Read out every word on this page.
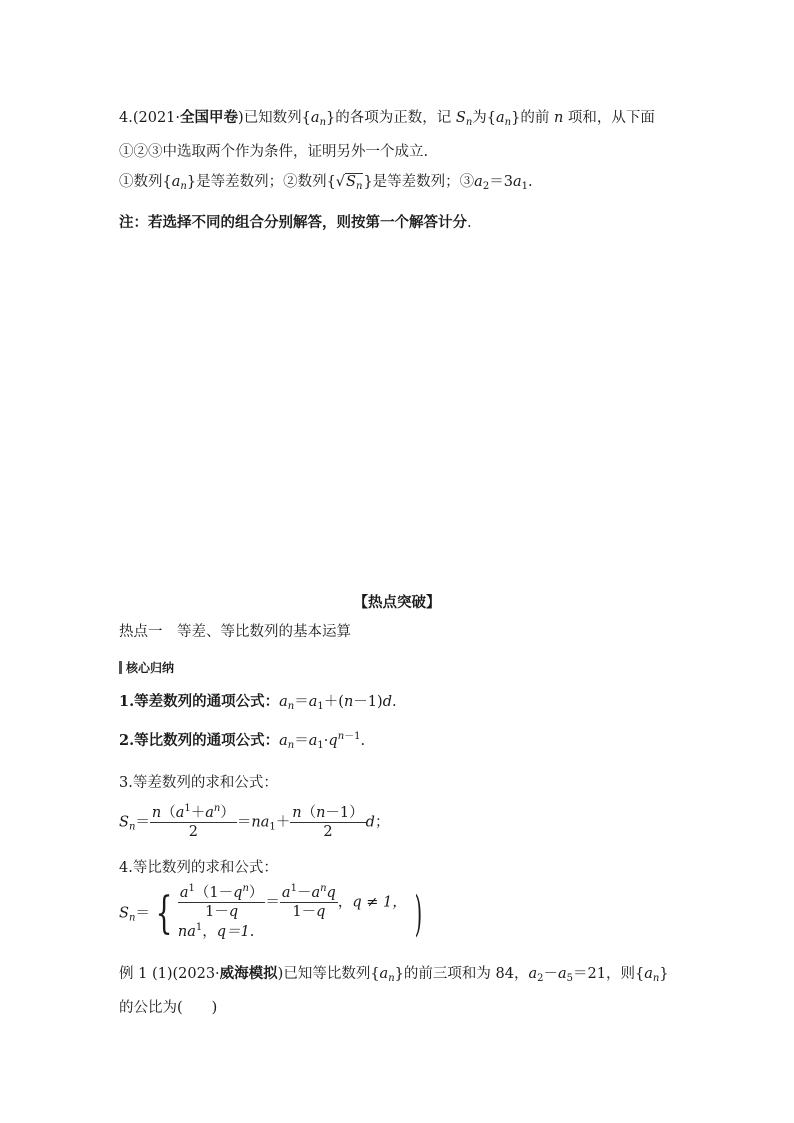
4.(2021·全国甲卷)已知数列$\{a_n\}$的各项为正数，记 $S_n$为$\{a_n\}$的前 n 项和，从下面
①②③中选取两个作为条件，证明另外一个成立.
①数列$\{a_n\}$是等差数列；②数列$\{√S_n\}$是等差数列；$③a_2=3a_1$.
注：若选择不同的组合分别解答，则按第一个解答计分.
【热点突破】
热点一　等差、等比数列的基本运算
核心归纳
1.等差数列的通项公式：$a_n=a_1+(n-1)d$.
2.等比数列的通项公式：$a_n=a_1\cdot q^{n-1}$.
3.等差数列的求和公式：
$S_n= \frac{n(a^1+a^n)}{2} =na_1+ \frac{n(n-1)}{2}$ d；
4.等比数列的求和公式：
$S_n=$ { $\frac{a^1(1-q^n)}{1-q} = \frac{a^1-a^nq}{1-q}$ ，q ≠ 1，
$na^1$，q＝1.	)
例 1 (1)(2023·威海模拟)已知等比数列$\{a_n\}$的前三项和为 84，$a_2-a_5=21$，则$\{a_n\}$
的公比为(　　)
